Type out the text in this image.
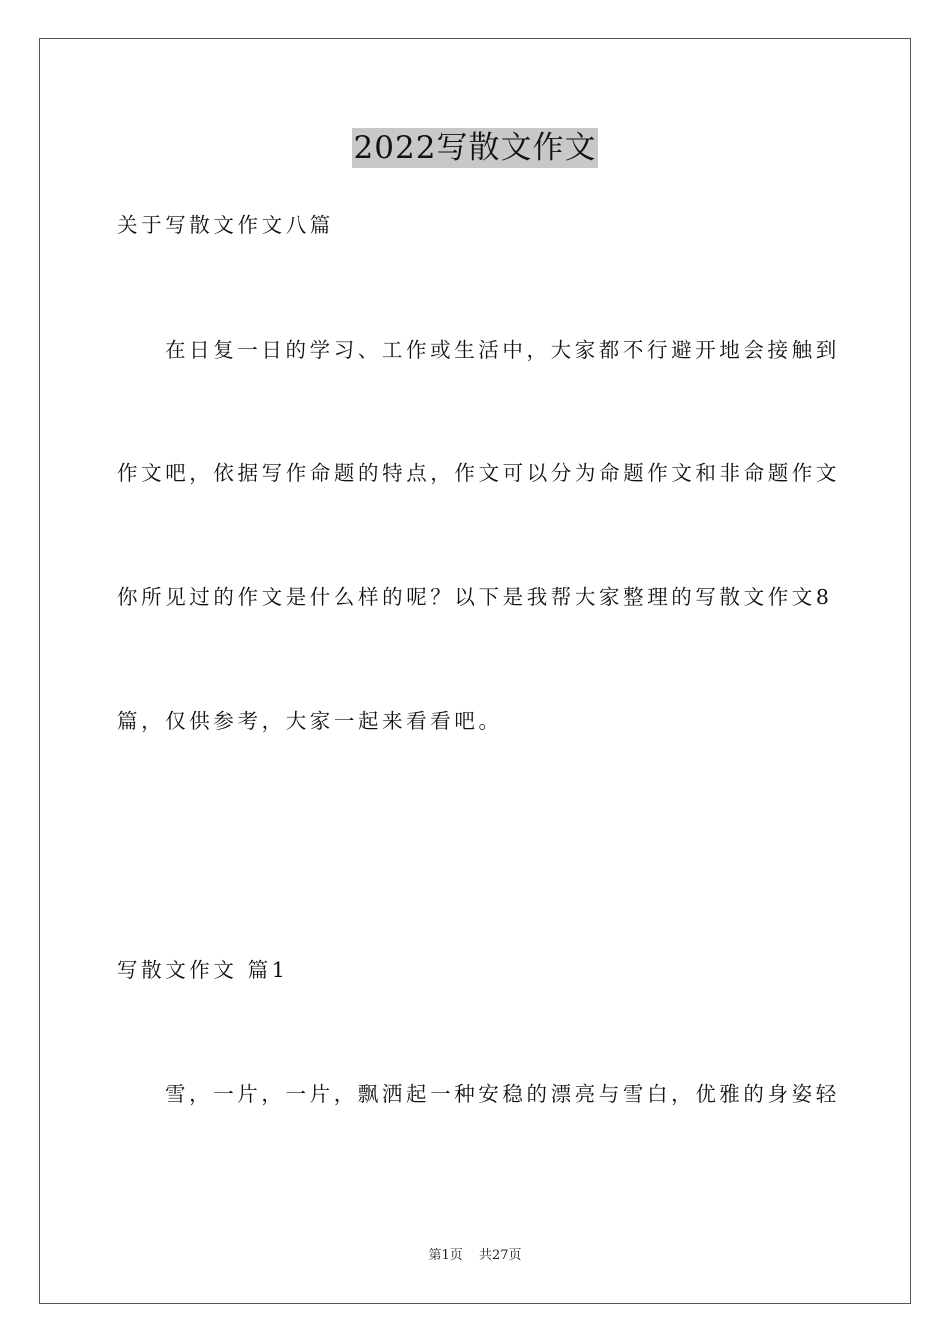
2022写散文作文
关于写散文作文八篇
在日复一日的学习、工作或生活中，大家都不行避开地会接触到
作文吧，依据写作命题的特点，作文可以分为命题作文和非命题作文
你所见过的作文是什么样的呢？以下是我帮大家整理的写散文作文8
篇，仅供参考，大家一起来看看吧。
写散文作文 篇1
雪，一片，一片，飘洒起一种安稳的漂亮与雪白，优雅的身姿轻
第1页 共27页
